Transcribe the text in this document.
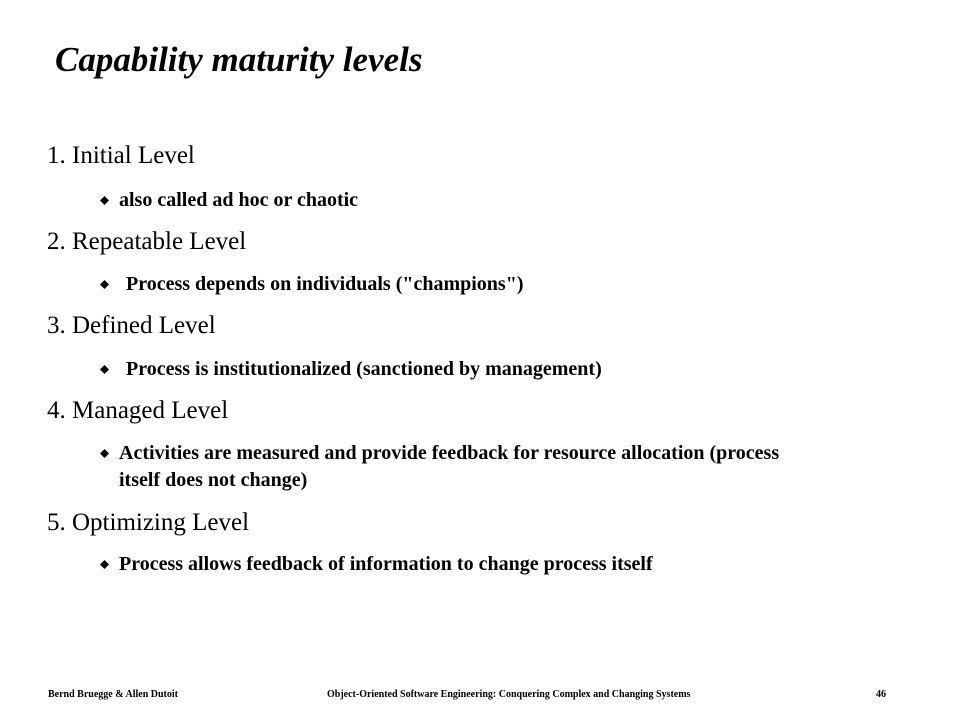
Capability maturity levels
1. Initial Level
also called ad hoc or chaotic
2. Repeatable Level
Process depends on individuals ("champions")
3. Defined Level
Process is institutionalized (sanctioned by management)
4. Managed Level
Activities are measured and provide feedback for resource allocation (process itself does not change)
5. Optimizing Level
Process allows feedback of information to change process itself
Bernd Bruegge & Allen Dutoit	Object-Oriented Software Engineering: Conquering Complex and Changing Systems	46
